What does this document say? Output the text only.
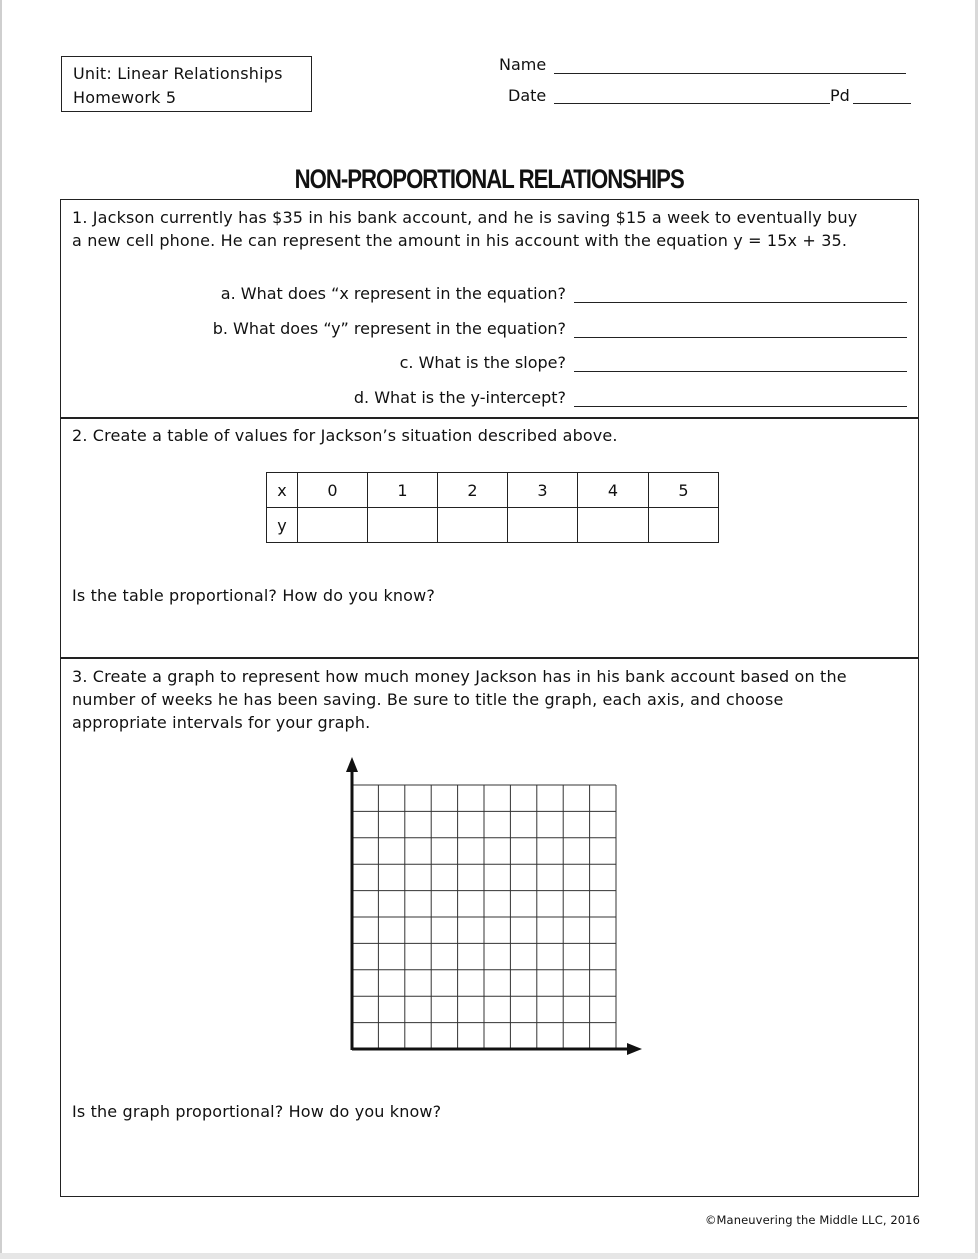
Unit: Linear Relationships
Homework 5
Name
Date	Pd
NON-PROPORTIONAL RELATIONSHIPS
1. Jackson currently has $35 in his bank account, and he is saving $15 a week to eventually buy
a new cell phone. He can represent the amount in his account with the equation y = 15x + 35.
a. What does “x represent in the equation?
b. What does “y” represent in the equation?
c. What is the slope?
d. What is the y-intercept?
2. Create a table of values for Jackson’s situation described above.
Is the table proportional? How do you know?
x	0	1	2	3	4	5
y						
3. Create a graph to represent how much money Jackson has in his bank account based on the
number of weeks he has been saving. Be sure to title the graph, each axis, and choose
appropriate intervals for your graph.
Is the graph proportional? How do you know?
©Maneuvering the Middle LLC, 2016
